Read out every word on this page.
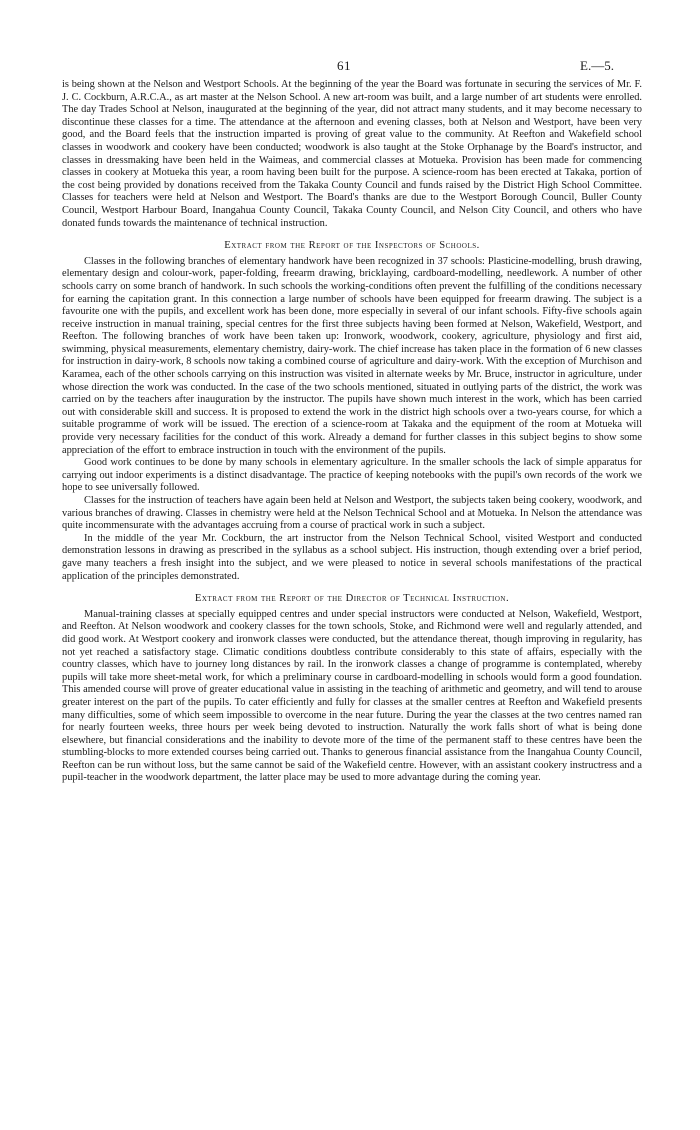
61	E.—5.

is being shown at the Nelson and Westport Schools. At the beginning of the year the Board was fortunate in securing the services of Mr. F. J. C. Cockburn, A.R.C.A., as art master at the Nelson School. A new art-room was built, and a large number of art students were enrolled. The day Trades School at Nelson, inaugurated at the beginning of the year, did not attract many students, and it may become necessary to discontinue these classes for a time. The attendance at the afternoon and evening classes, both at Nelson and Westport, have been very good, and the Board feels that the instruction imparted is proving of great value to the community. At Reefton and Wakefield school classes in woodwork and cookery have been conducted; woodwork is also taught at the Stoke Orphanage by the Board's instructor, and classes in dressmaking have been held in the Waimeas, and commercial classes at Motueka. Provision has been made for commencing classes in cookery at Motueka this year, a room having been built for the purpose. A science-room has been erected at Takaka, portion of the cost being provided by donations received from the Takaka County Council and funds raised by the District High School Committee. Classes for teachers were held at Nelson and Westport. The Board's thanks are due to the Westport Borough Council, Buller County Council, Westport Harbour Board, Inangahua County Council, Takaka County Council, and Nelson City Council, and others who have donated funds towards the maintenance of technical instruction.

Extract from the Report of the Inspectors of Schools.

Classes in the following branches of elementary handwork have been recognized in 37 schools: Plasticine-modelling, brush drawing, elementary design and colour-work, paper-folding, freearm drawing, bricklaying, cardboard-modelling, needlework. A number of other schools carry on some branch of handwork. In such schools the working-conditions often prevent the fulfilling of the conditions necessary for earning the capitation grant. In this connection a large number of schools have been equipped for freearm drawing. The subject is a favourite one with the pupils, and excellent work has been done, more especially in several of our infant schools. Fifty-five schools again receive instruction in manual training, special centres for the first three subjects having been formed at Nelson, Wakefield, Westport, and Reefton. The following branches of work have been taken up: Ironwork, woodwork, cookery, agriculture, physiology and first aid, swimming, physical measurements, elementary chemistry, dairy-work. The chief increase has taken place in the formation of 6 new classes for instruction in dairy-work, 8 schools now taking a combined course of agriculture and dairy-work. With the exception of Murchison and Karamea, each of the other schools carrying on this instruction was visited in alternate weeks by Mr. Bruce, instructor in agriculture, under whose direction the work was conducted. In the case of the two schools mentioned, situated in outlying parts of the district, the work was carried on by the teachers after inauguration by the instructor. The pupils have shown much interest in the work, which has been carried out with considerable skill and success. It is proposed to extend the work in the district high schools over a two-years course, for which a suitable programme of work will be issued. The erection of a science-room at Takaka and the equipment of the room at Motueka will provide very necessary facilities for the conduct of this work. Already a demand for further classes in this subject begins to show some appreciation of the effort to embrace instruction in touch with the environment of the pupils.

Good work continues to be done by many schools in elementary agriculture. In the smaller schools the lack of simple apparatus for carrying out indoor experiments is a distinct disadvantage. The practice of keeping notebooks with the pupil's own records of the work we hope to see universally followed.

Classes for the instruction of teachers have again been held at Nelson and Westport, the subjects taken being cookery, woodwork, and various branches of drawing. Classes in chemistry were held at the Nelson Technical School and at Motueka. In Nelson the attendance was quite incommensurate with the advantages accruing from a course of practical work in such a subject.

In the middle of the year Mr. Cockburn, the art instructor from the Nelson Technical School, visited Westport and conducted demonstration lessons in drawing as prescribed in the syllabus as a school subject. His instruction, though extending over a brief period, gave many teachers a fresh insight into the subject, and we were pleased to notice in several schools manifestations of the practical application of the principles demonstrated.

Extract from the Report of the Director of Technical Instruction.

Manual-training classes at specially equipped centres and under special instructors were conducted at Nelson, Wakefield, Westport, and Reefton. At Nelson woodwork and cookery classes for the town schools, Stoke, and Richmond were well and regularly attended, and did good work. At Westport cookery and ironwork classes were conducted, but the attendance thereat, though improving in regularity, has not yet reached a satisfactory stage. Climatic conditions doubtless contribute considerably to this state of affairs, especially with the country classes, which have to journey long distances by rail. In the ironwork classes a change of programme is contemplated, whereby pupils will take more sheet-metal work, for which a preliminary course in cardboard-modelling in schools would form a good foundation. This amended course will prove of greater educational value in assisting in the teaching of arithmetic and geometry, and will tend to arouse greater interest on the part of the pupils. To cater efficiently and fully for classes at the smaller centres at Reefton and Wakefield presents many difficulties, some of which seem impossible to overcome in the near future. During the year the classes at the two centres named ran for nearly fourteen weeks, three hours per week being devoted to instruction. Naturally the work falls short of what is being done elsewhere, but financial considerations and the inability to devote more of the time of the permanent staff to these centres have been the stumbling-blocks to more extended courses being carried out. Thanks to generous financial assistance from the Inangahua County Council, Reefton can be run without loss, but the same cannot be said of the Wakefield centre. However, with an assistant cookery instructress and a pupil-teacher in the woodwork department, the latter place may be used to more advantage during the coming year.
